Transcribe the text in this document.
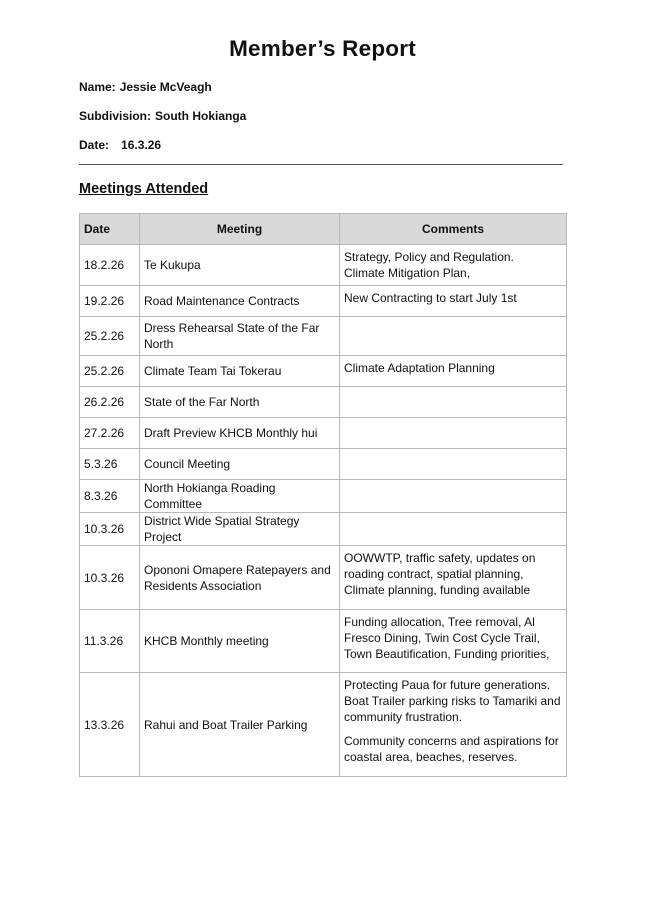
Member’s Report
Name: Jessie McVeagh
Subdivision: South Hokianga
Date: 16.3.26
Meetings Attended
Date	Meeting	Comments
18.2.26	Te Kukupa	Strategy, Policy and Regulation.
Climate Mitigation Plan,

19.2.26	Road Maintenance Contracts	New Contracting to start July 1st

25.2.26	Dress Rehearsal State of the Far North	
25.2.26	Climate Team Tai Tokerau	Climate Adaptation Planning

26.2.26	State of the Far North	
27.2.26	Draft Preview KHCB Monthly hui	
5.3.26	Council Meeting	
8.3.26	North Hokianga Roading Committee	
10.3.26	District Wide Spatial Strategy Project	
10.3.26	Opononi Omapere Ratepayers and Residents Association	OOWWTP, traffic safety, updates on roading contract, spatial planning, Climate planning, funding available

11.3.26	KHCB Monthly meeting	Funding allocation, Tree removal, Al Fresco Dining, Twin Cost Cycle Trail, Town Beautification, Funding priorities,

13.3.26	Rahui and Boat Trailer Parking	Protecting Paua for future generations. Boat Trailer parking risks to Tamariki and community frustration.

Community concerns and aspirations for coastal area, beaches, reserves.
